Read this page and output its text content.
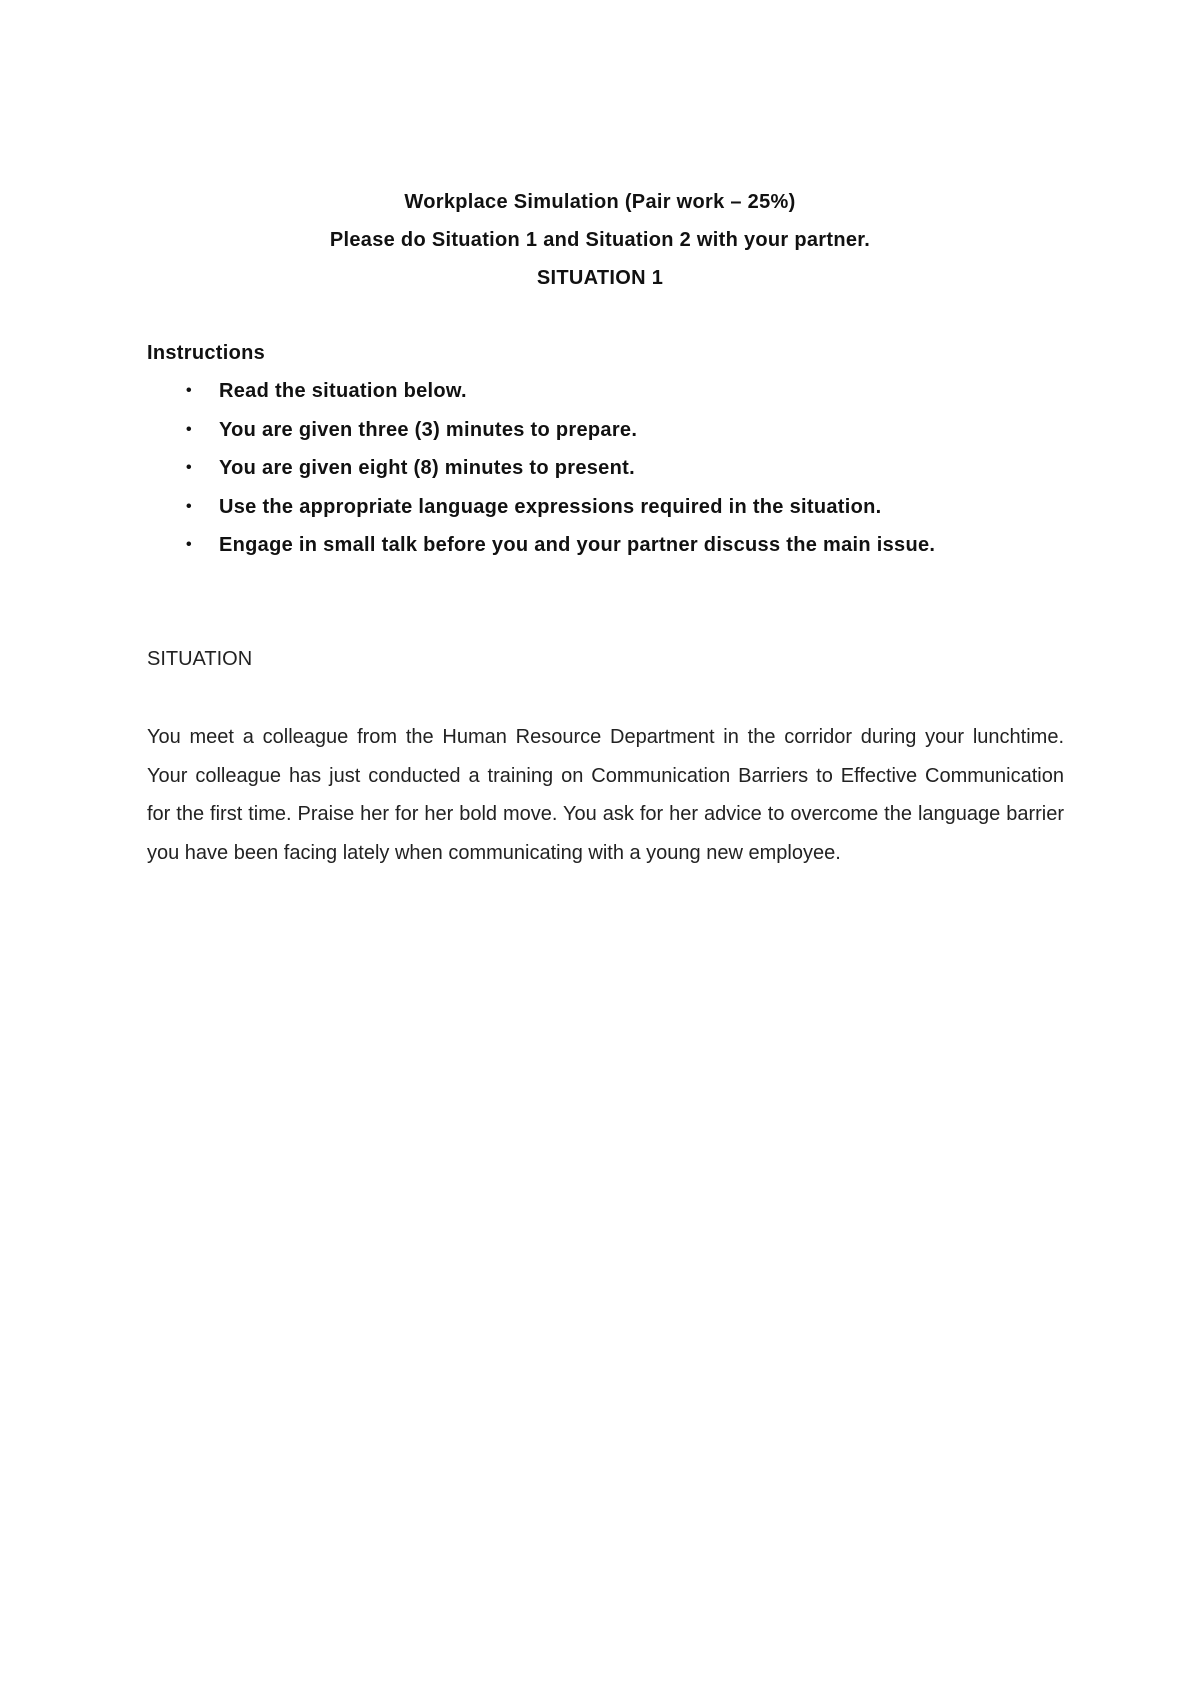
Workplace Simulation (Pair work – 25%)
Please do Situation 1 and Situation 2 with your partner.
SITUATION 1

Instructions

• Read the situation below.
• You are given three (3) minutes to prepare.
• You are given eight (8) minutes to present.
• Use the appropriate language expressions required in the situation.
• Engage in small talk before you and your partner discuss the main issue.
SITUATION

You meet a colleague from the Human Resource Department in the corridor during your lunchtime. Your colleague has just conducted a training on Communication Barriers to Effective Communication for the first time. Praise her for her bold move. You ask for her advice to overcome the language barrier you have been facing lately when communicating with a young new employee.
